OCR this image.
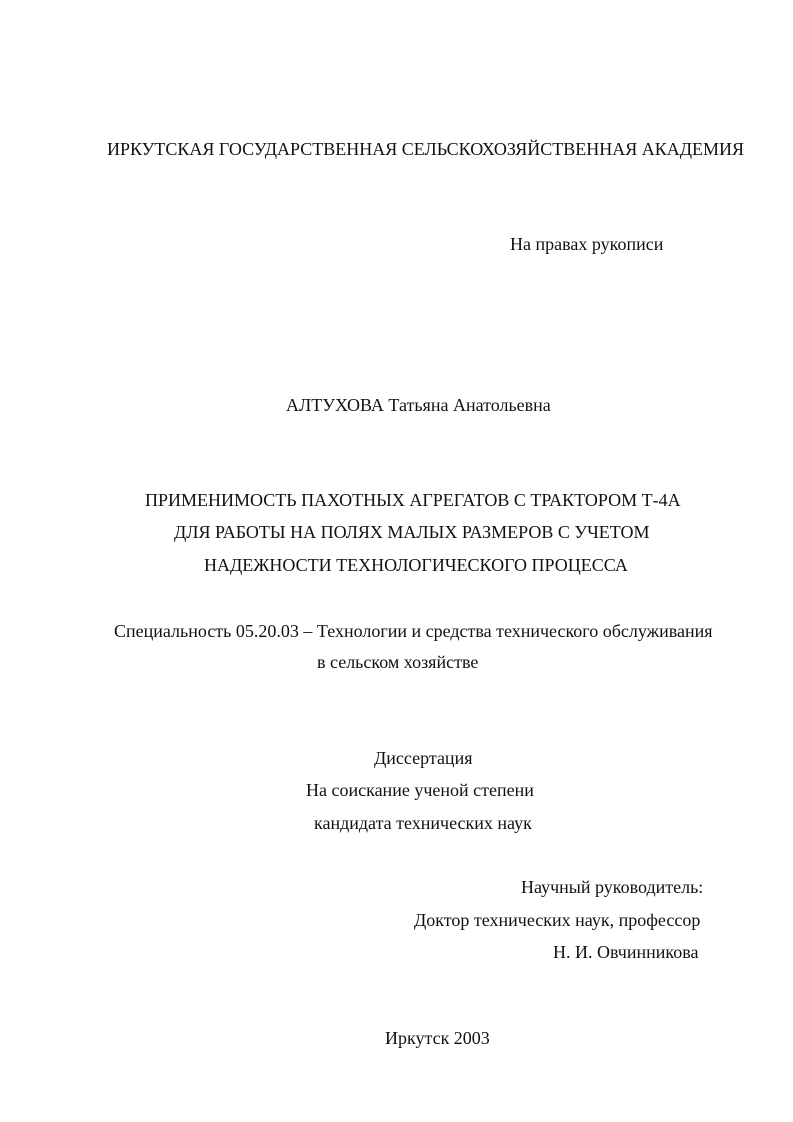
ИРКУТСКАЯ ГОСУДАРСТВЕННАЯ СЕЛЬСКОХОЗЯЙСТВЕННАЯ АКАДЕМИЯ
На правах рукописи
АЛТУХОВА Татьяна Анатольевна
ПРИМЕНИМОСТЬ ПАХОТНЫХ АГРЕГАТОВ С ТРАКТОРОМ Т-4А
ДЛЯ РАБОТЫ НА ПОЛЯХ МАЛЫХ РАЗМЕРОВ С УЧЕТОМ
НАДЕЖНОСТИ ТЕХНОЛОГИЧЕСКОГО ПРОЦЕССА
Специальность 05.20.03 – Технологии и средства технического обслуживания
в сельском хозяйстве
Диссертация
На соискание ученой степени
кандидата технических наук
Научный руководитель:
Доктор технических наук, профессор
Н. И. Овчинникова
Иркутск 2003
